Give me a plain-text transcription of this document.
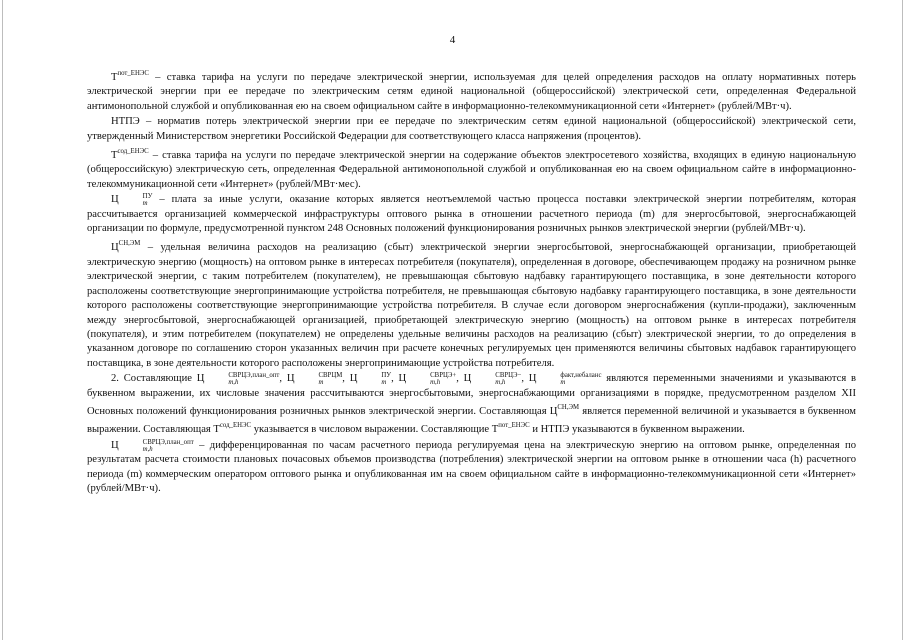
4

$Т^{пот\_ЕНЭС}$ – ставка тарифа на услуги по передаче электрической энергии, используемая для целей определения расходов на оплату нормативных потерь электрической энергии при ее передаче по электрическим сетям единой национальной (общероссийской) электрической сети, определенная Федеральной антимонопольной службой и опубликованная ею на своем официальном сайте в информационно-телекоммуникационной сети «Интернет» (рублей/МВт·ч).

НТПЭ – норматив потерь электрической энергии при ее передаче по электрическим сетям единой национальной (общероссийской) электрической сети, утвержденный Министерством энергетики Российской Федерации для соответствующего класса напряжения (процентов).

$Т^{сод\_ЕНЭС}$ – ставка тарифа на услуги по передаче электрической энергии на содержание объектов электросетевого хозяйства, входящих в единую национальную (общероссийскую) электрическую сеть, определенная Федеральной антимонопольной службой и опубликованная ею на своем официальном сайте в информационно-телекоммуникационной сети «Интернет» (рублей/МВт·мес).

Ц	ПУ
m – плата за иные услуги, оказание которых является неотъемлемой частью процесса поставки электрической энергии потребителям, которая рассчитывается организацией коммерческой инфраструктуры оптового рынка в отношении расчетного периода (m) для энергосбытовой, энергоснабжающей организации по формуле, предусмотренной пунктом 248 Основных положений функционирования розничных рынков электрической энергии (рублей/МВт·ч).

$Ц^{СН,ЭМ}$ – удельная величина расходов на реализацию (сбыт) электрической энергии энергосбытовой, энергоснабжающей организации, приобретающей электрическую энергию (мощность) на оптовом рынке в интересах потребителя (покупателя), определенная в договоре, обеспечивающем продажу на розничном рынке электрической энергии, с таким потребителем (покупателем), не превышающая сбытовую надбавку гарантирующего поставщика, в зоне деятельности которого расположены соответствующие энергопринимающие устройства потребителя, не превышающая сбытовую надбавку гарантирующего поставщика, в зоне деятельности которого расположены соответствующие энергопринимающие устройства потребителя. В случае если договором энергоснабжения (купли-продажи), заключенным между энергосбытовой, энергоснабжающей организацией, приобретающей электрическую энергию (мощность) на оптовом рынке в интересах потребителя (покупателя), и этим потребителем (покупателем) не определены удельные величины расходов на реализацию (сбыт) электрической энергии, то до определения в указанном договоре по соглашению сторон указанных величин при расчете конечных регулируемых цен применяются величины сбытовых надбавок гарантирующего поставщика, в зоне деятельности которого расположены энергопринимающие устройства потребителя.

2. Составляющие Ц	СВРЦЭ,план_опт
m,h	, Ц	СВРЦМ
m	, Ц	ПУ
m , Ц	СВРЦЭ+
m,h	, Ц	СВРЦЭ−
m,h	, Ц	факт,небаланс
m	являются переменными значениями и указываются в буквенном выражении, их числовые значения рассчитываются энергосбытовыми, энергоснабжающими организациями в порядке, предусмотренном разделом XII Основных положений функционирования розничных рынков электрической энергии. Составляющая $Ц^{СН,ЭМ}$ является переменной величиной и указывается в буквенном выражении. Составляющая $Т^{сод\_ЕНЭС}$ указывается в числовом выражении. Составляющие $Т^{пот\_ЕНЭС}$ и НТПЭ указываются в буквенном выражении.

Ц	СВРЦЭ,план_опт
m,h	– дифференцированная по часам расчетного периода регулируемая цена на электрическую энергию на оптовом рынке, определенная по результатам расчета стоимости плановых почасовых объемов производства (потребления) электрической энергии на оптовом рынке в отношении часа (h) расчетного периода (m) коммерческим оператором оптового рынка и опубликованная им на своем официальном сайте в информационно-телекоммуникационной сети «Интернет» (рублей/МВт·ч).
